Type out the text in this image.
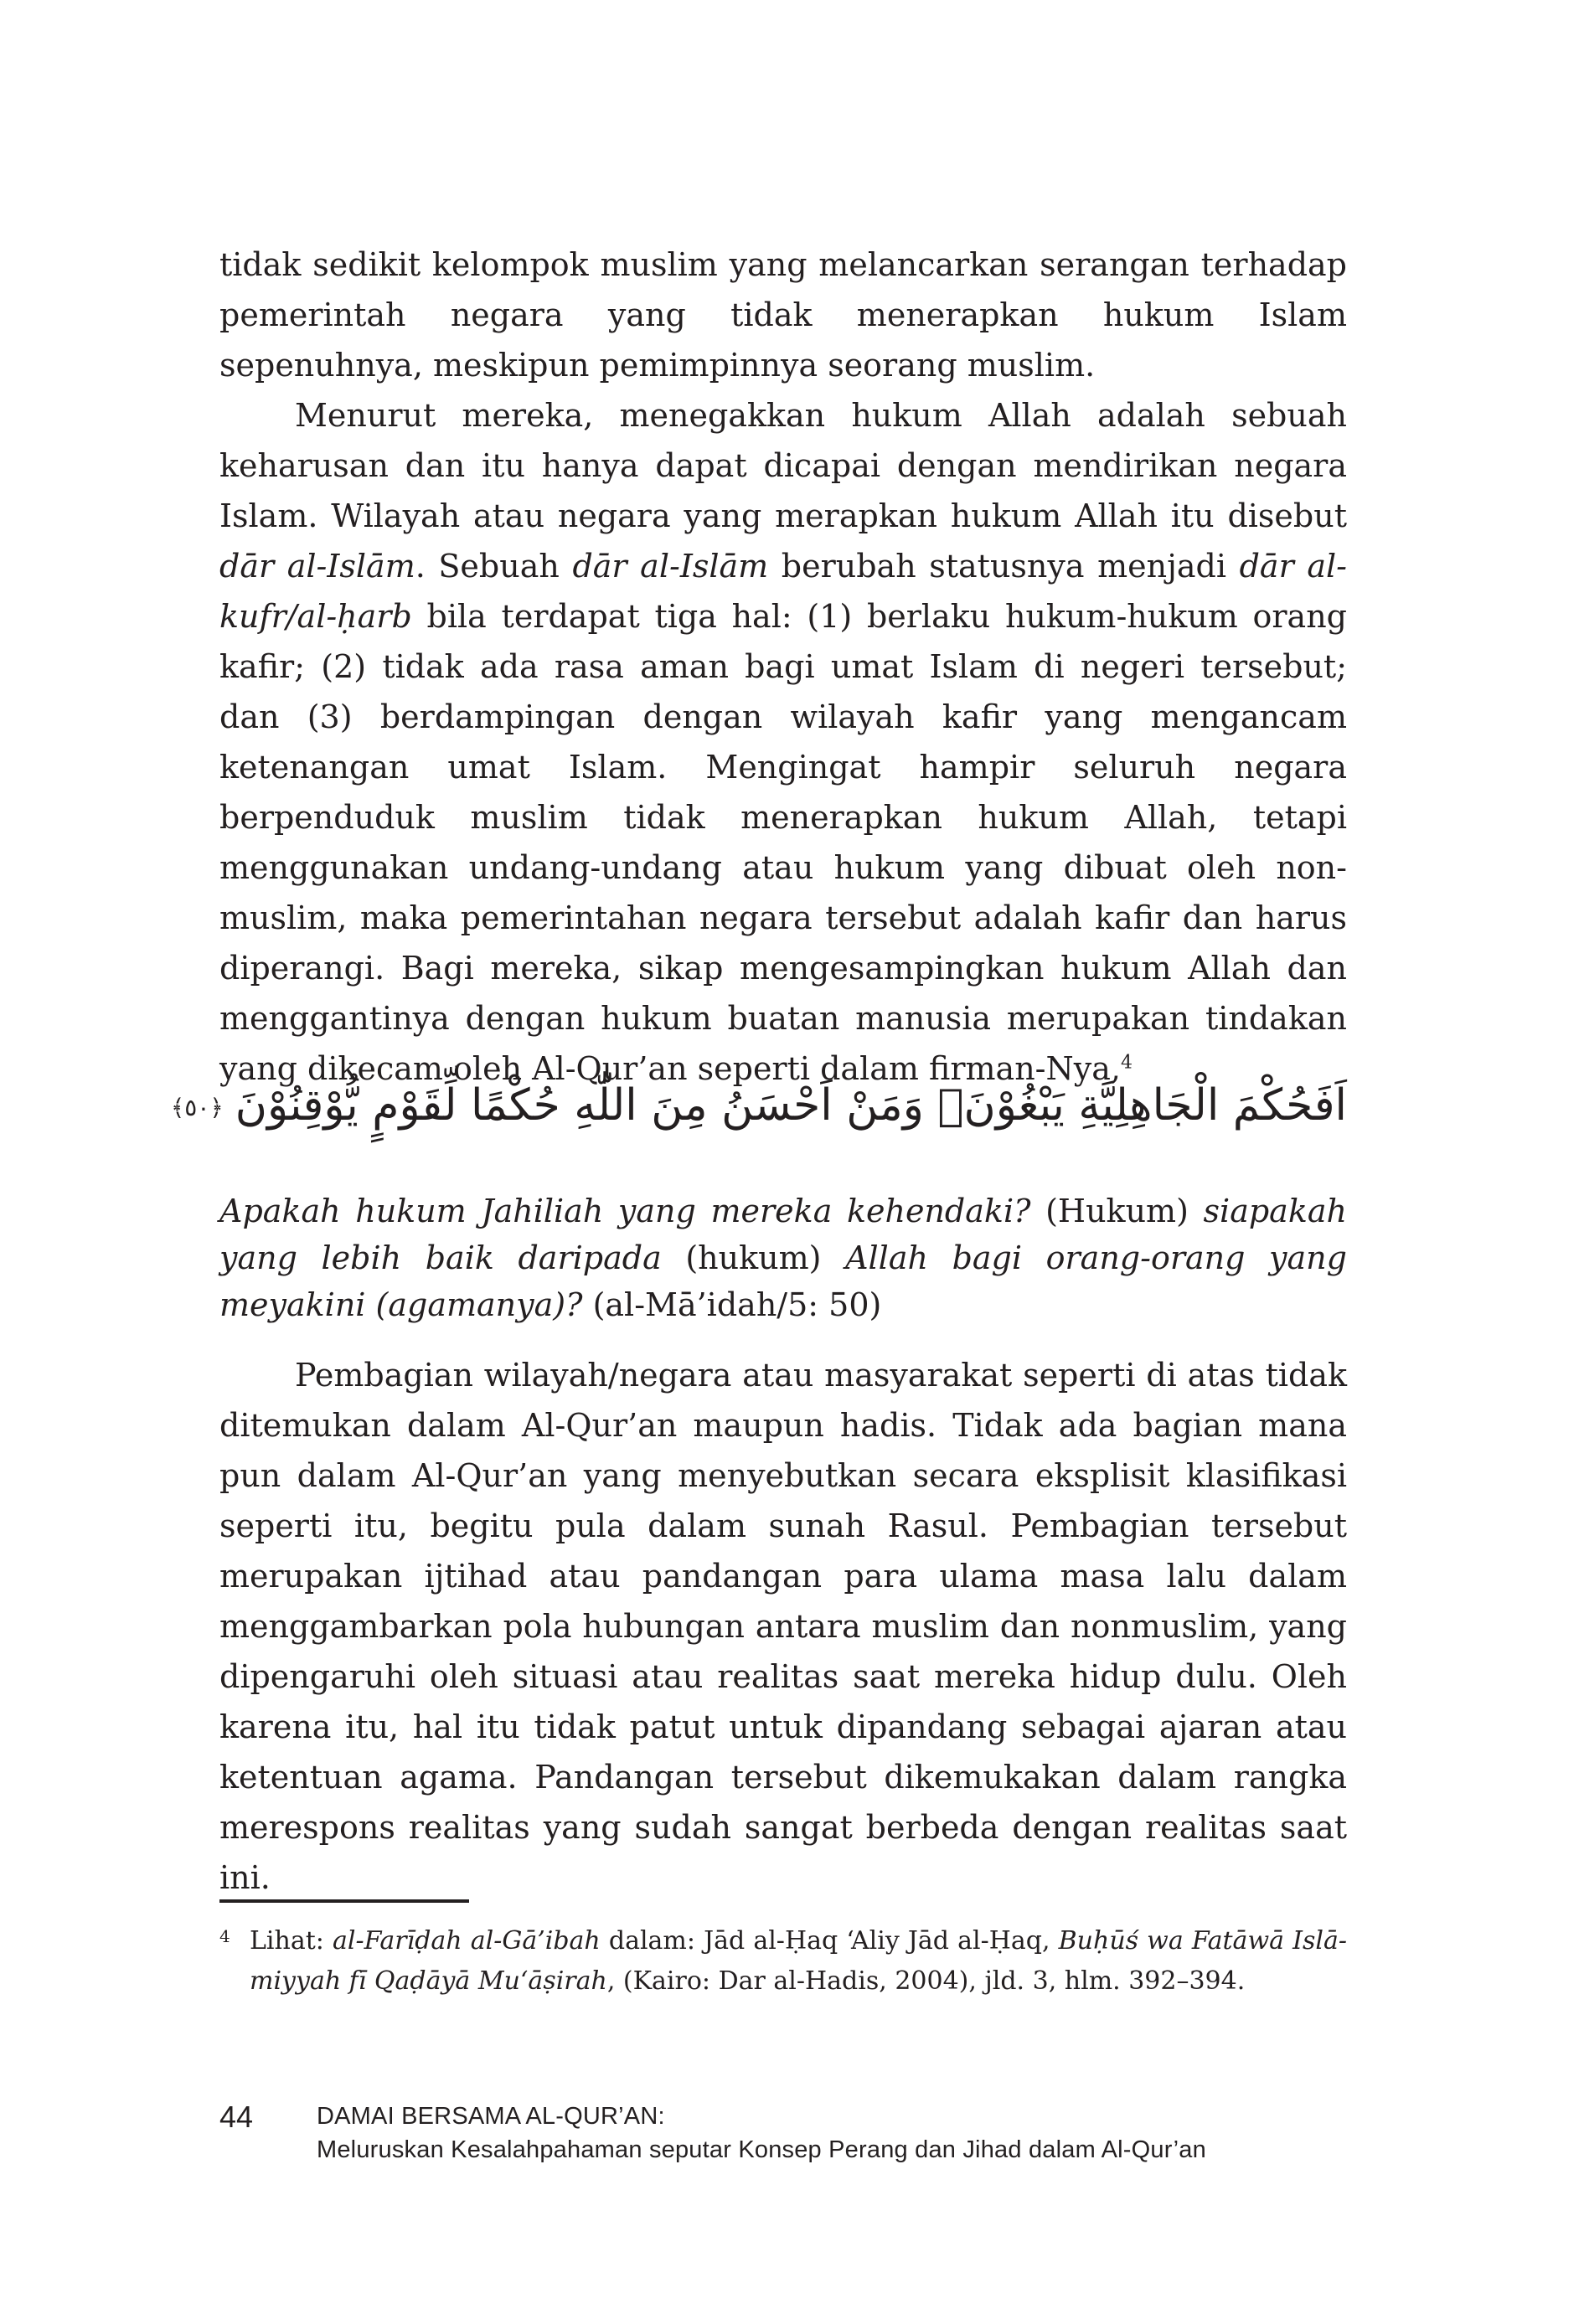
tidak sedikit kelompok muslim yang melancarkan serangan terhadap pemerintah negara yang tidak menerapkan hukum Islam sepenuhnya, meskipun pemimpinnya seorang muslim.

Menurut mereka, menegakkan hukum Allah adalah sebuah keharusan dan itu hanya dapat dicapai dengan mendirikan negara Islam. Wilayah atau negara yang merapkan hukum Allah itu disebut dār al-Islām. Sebuah dār al-Islām berubah statusnya menjadi dār al-kufr/al-ḥarb bila terdapat tiga hal: (1) berlaku hukum-hukum orang kafir; (2) tidak ada rasa aman bagi umat Islam di negeri tersebut; dan (3) berdampingan dengan wilayah kafir yang mengancam ketenangan umat Islam. Mengingat hampir seluruh negara berpenduduk muslim tidak menerapkan hukum Allah, tetapi menggunakan undang-undang atau hukum yang dibuat oleh nonmuslim, maka pemerintahan negara tersebut adalah kafir dan harus diperangi. Bagi mereka, sikap mengesampingkan hukum Allah dan menggantinya dengan hukum buatan manusia merupakan tindakan yang dikecam oleh Al-Qur’an seperti dalam firman-Nya,$^4$

اَفَحُكْمَ الْجَاهِلِيَّةِ يَبْغُوْنَۗ وَمَنْ اَحْسَنُ مِنَ اللّٰهِ حُكْمًا لِّقَوْمٍ يُّوْقِنُوْنَ﴿٥٠﴾
Apakah hukum Jahiliah yang mereka kehendaki? (Hukum) siapakah yang lebih baik daripada (hukum) Allah bagi orang-orang yang meyakini (agamanya)? (al-Mā’idah/5: 50)

Pembagian wilayah/negara atau masyarakat seperti di atas tidak ditemukan dalam Al-Qur’an maupun hadis. Tidak ada bagian mana pun dalam Al-Qur’an yang menyebutkan secara eksplisit klasifikasi seperti itu, begitu pula dalam sunah Rasul. Pembagian tersebut merupakan ijtihad atau pandangan para ulama masa lalu dalam menggambarkan pola hubungan antara muslim dan nonmuslim, yang dipengaruhi oleh situasi atau realitas saat mereka hidup dulu. Oleh karena itu, hal itu tidak patut untuk dipandang sebagai ajaran atau ketentuan agama. Pandangan tersebut dikemukakan dalam rangka merespons realitas yang sudah sangat berbeda dengan realitas saat ini.

4 Lihat: al-Farīḍah al-Gā’ibah dalam: Jād al-Ḥaq ‘Aliy Jād al-Ḥaq, Buḥūś wa Fatāwā Islāmiyyah fī Qaḍāyā Mu‘āṣirah, (Kairo: Dar al-Hadis, 2004), jld. 3, hlm. 392–394.
44	DAMAI BERSAMA AL-QUR’AN:
Meluruskan Kesalahpahaman seputar Konsep Perang dan Jihad dalam Al-Qur’an
